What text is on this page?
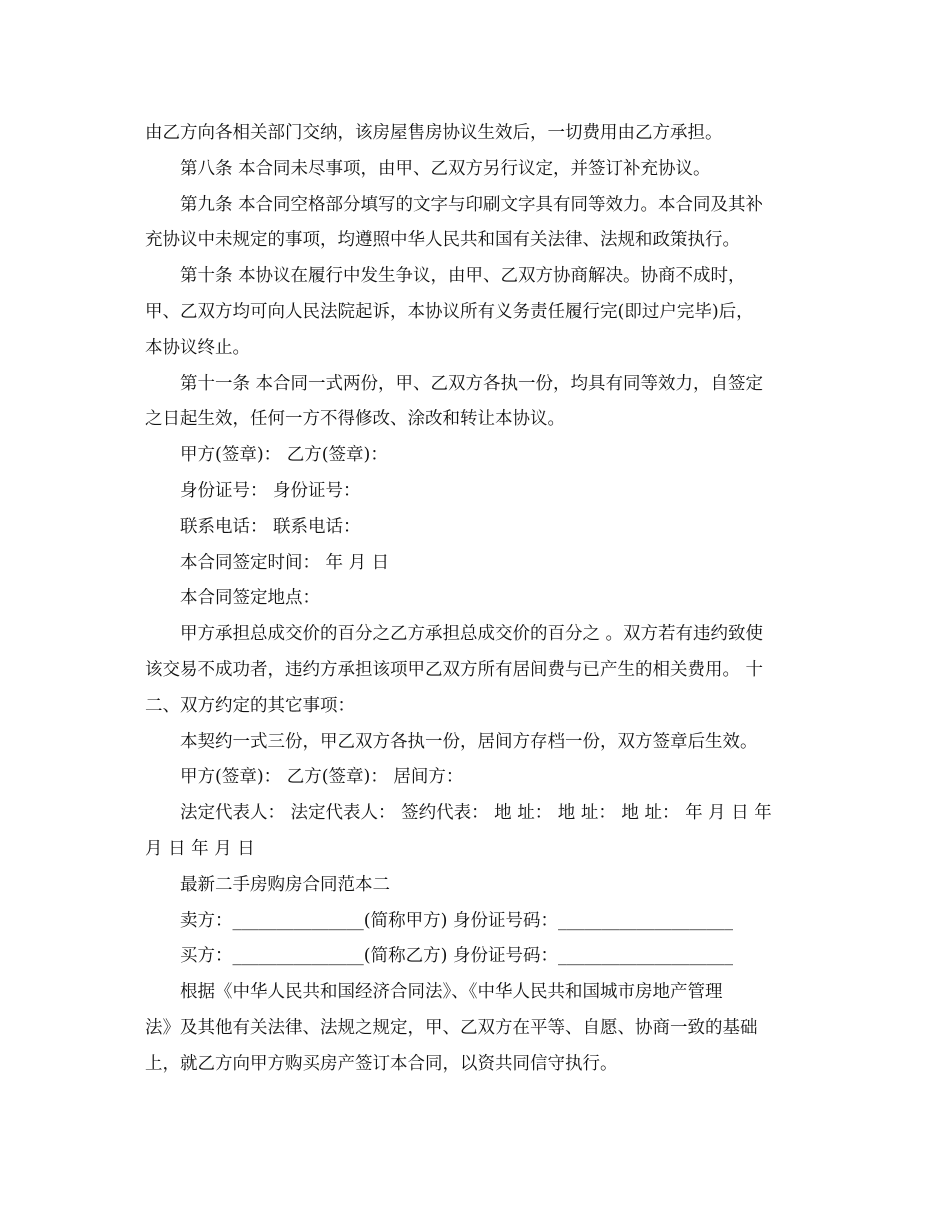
由乙方向各相关部门交纳，该房屋售房协议生效后，一切费用由乙方承担。
第八条 本合同未尽事项，由甲、乙双方另行议定，并签订补充协议。
第九条 本合同空格部分填写的文字与印刷文字具有同等效力。本合同及其补
充协议中未规定的事项，均遵照中华人民共和国有关法律、法规和政策执行。
第十条 本协议在履行中发生争议，由甲、乙双方协商解决。协商不成时，
甲、乙双方均可向人民法院起诉，本协议所有义务责任履行完(即过户完毕)后，
本协议终止。
第十一条 本合同一式两份，甲、乙双方各执一份，均具有同等效力，自签定
之日起生效，任何一方不得修改、涂改和转让本协议。
甲方(签章)： 乙方(签章)：
身份证号： 身份证号：
联系电话： 联系电话：
本合同签定时间： 年 月 日
本合同签定地点：
甲方承担总成交价的百分之乙方承担总成交价的百分之 。双方若有违约致使
该交易不成功者，违约方承担该项甲乙双方所有居间费与已产生的相关费用。 十
二、双方约定的其它事项：
本契约一式三份，甲乙双方各执一份，居间方存档一份，双方签章后生效。
甲方(签章)： 乙方(签章)： 居间方：
法定代表人： 法定代表人： 签约代表： 地 址： 地 址： 地 址： 年 月 日 年
月 日 年 月 日
最新二手房购房合同范本二
卖方：_______________(简称甲方) 身份证号码：____________________
买方：_______________(简称乙方) 身份证号码：____________________
根据《中华人民共和国经济合同法》、《中华人民共和国城市房地产管理
法》及其他有关法律、法规之规定，甲、乙双方在平等、自愿、协商一致的基础
上，就乙方向甲方购买房产签订本合同，以资共同信守执行。
